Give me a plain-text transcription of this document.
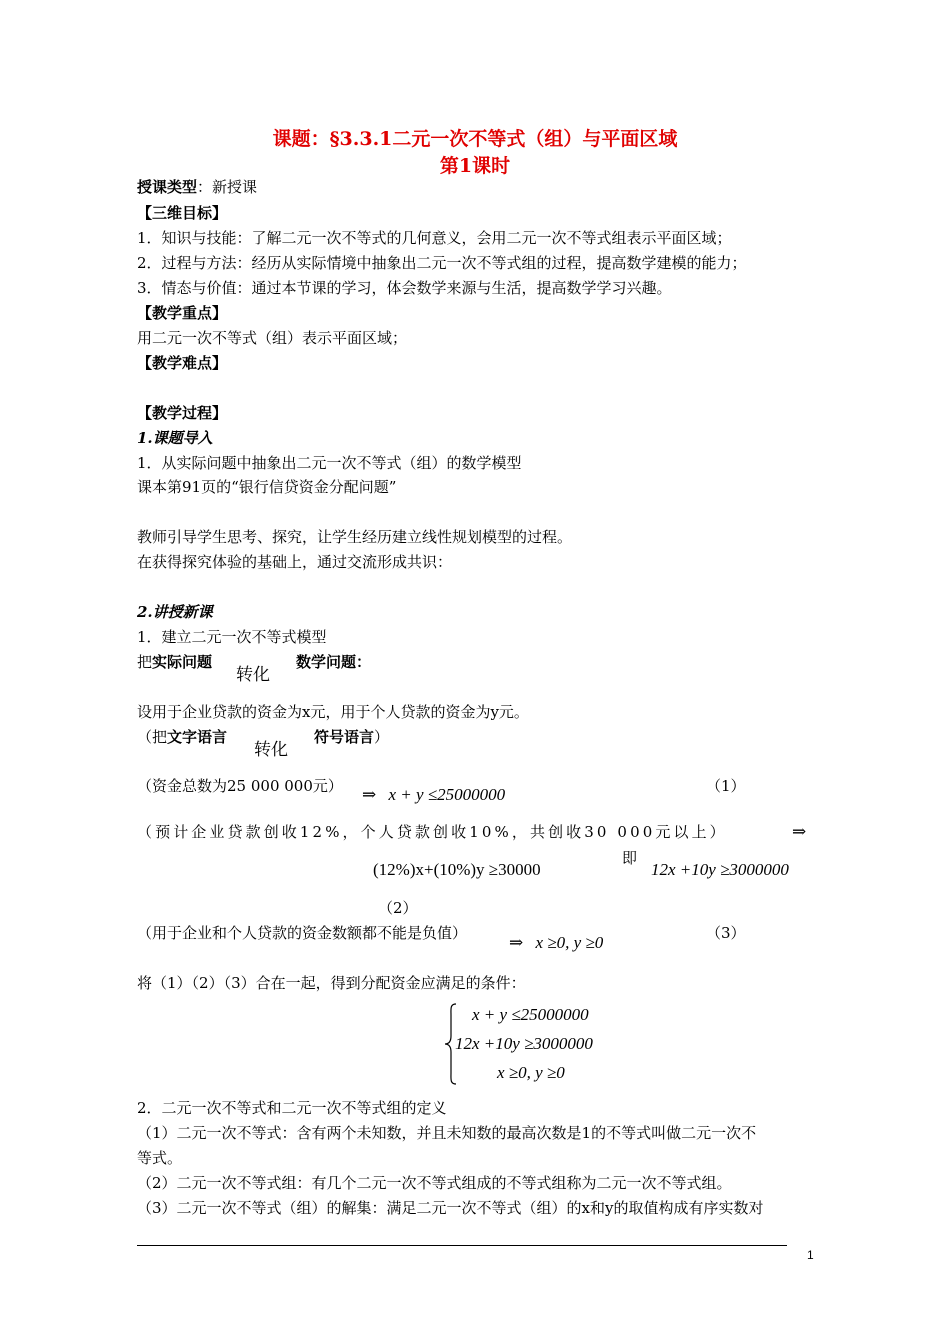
课题：§3.3.1二元一次不等式（组）与平面区域
第1课时
授课类型：新授课
【三维目标】
1．知识与技能：了解二元一次不等式的几何意义，会用二元一次不等式组表示平面区域；
2．过程与方法：经历从实际情境中抽象出二元一次不等式组的过程，提高数学建模的能力；
3．情态与价值：通过本节课的学习，体会数学来源与生活，提高数学学习兴趣。
【教学重点】
用二元一次不等式（组）表示平面区域；
【教学难点】
【教学过程】
1.课题导入
1．从实际问题中抽象出二元一次不等式（组）的数学模型
课本第91页的“银行信贷资金分配问题”
教师引导学生思考、探究，让学生经历建立线性规划模型的过程。
在获得探究体验的基础上，通过交流形成共识：
2.讲授新课
1．建立二元一次不等式模型
把实际问题
转化
数学问题：
设用于企业贷款的资金为x元，用于个人贷款的资金为y元。
（把文字语言
转化
符号语言）
（资金总数为25 000 000元） ⇒ x + y ≤25000000	（1）
（预计企业贷款创收12%，个人贷款创收10%，共创收30 000元以上）	⇒
(12%)x+(10%)y ≥30000
即
12x +10y ≥3000000
（2）
（用于企业和个人贷款的资金数额都不能是负值） ⇒ x ≥0, y ≥0	（3）
将（1）（2）（3）合在一起，得到分配资金应满足的条件：
x + y ≤25000000
12x +10y ≥3000000
x ≥0, y ≥0
2．二元一次不等式和二元一次不等式组的定义
（1）二元一次不等式：含有两个未知数，并且未知数的最高次数是1的不等式叫做二元一次不
等式。
（2）二元一次不等式组：有几个二元一次不等式组成的不等式组称为二元一次不等式组。
（3）二元一次不等式（组）的解集：满足二元一次不等式（组）的x和y的取值构成有序实数对
1
